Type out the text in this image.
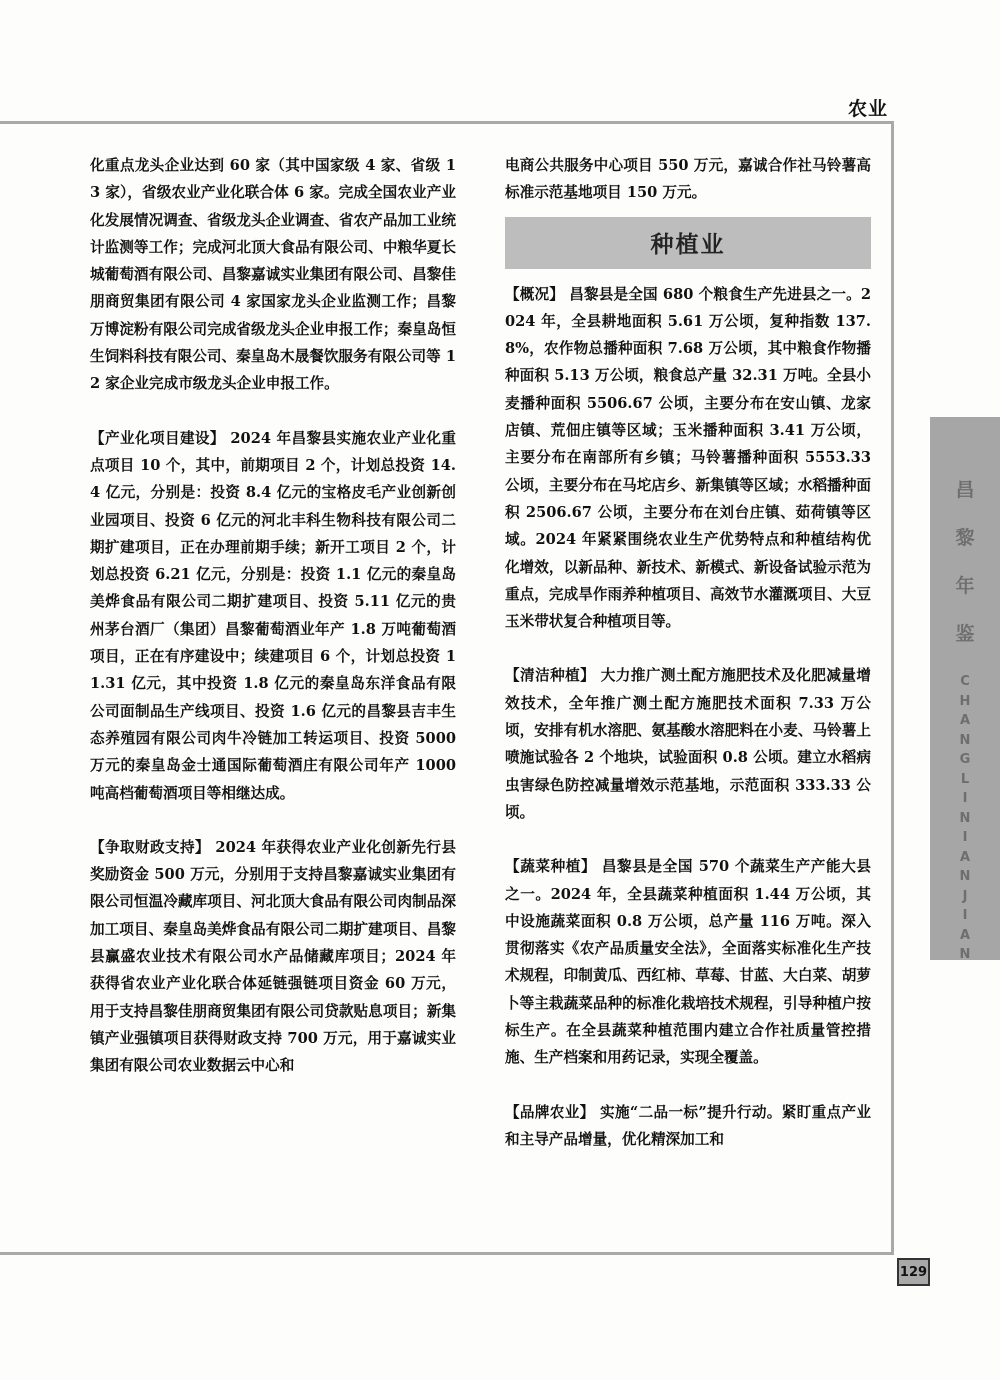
农业

化重点龙头企业达到 60 家（其中国家级 4 家、省级 13 家），省级农业产业化联合体 6 家。完成全国农业产业化发展情况调查、省级龙头企业调查、省农产品加工业统计监测等工作；完成河北顶大食品有限公司、中粮华夏长城葡萄酒有限公司、昌黎嘉诚实业集团有限公司、昌黎佳朋商贸集团有限公司 4 家国家龙头企业监测工作；昌黎万博淀粉有限公司完成省级龙头企业申报工作；秦皇岛恒生饲料科技有限公司、秦皇岛木晟餐饮服务有限公司等 12 家企业完成市级龙头企业申报工作。

【产业化项目建设】 2024 年昌黎县实施农业产业化重点项目 10 个，其中，前期项目 2 个，计划总投资 14.4 亿元，分别是：投资 8.4 亿元的宝格皮毛产业创新创业园项目、投资 6 亿元的河北丰科生物科技有限公司二期扩建项目，正在办理前期手续；新开工项目 2 个，计划总投资 6.21 亿元，分别是：投资 1.1 亿元的秦皇岛美烨食品有限公司二期扩建项目、投资 5.11 亿元的贵州茅台酒厂（集团）昌黎葡萄酒业年产 1.8 万吨葡萄酒项目，正在有序建设中；续建项目 6 个，计划总投资 11.31 亿元，其中投资 1.8 亿元的秦皇岛东洋食品有限公司面制品生产线项目、投资 1.6 亿元的昌黎县吉丰生态养殖园有限公司肉牛冷链加工转运项目、投资 5000 万元的秦皇岛金士通国际葡萄酒庄有限公司年产 1000 吨高档葡萄酒项目等相继达成。

【争取财政支持】 2024 年获得农业产业化创新先行县奖励资金 500 万元，分别用于支持昌黎嘉诚实业集团有限公司恒温冷藏库项目、河北顶大食品有限公司肉制品深加工项目、秦皇岛美烨食品有限公司二期扩建项目、昌黎县赢盛农业技术有限公司水产品储藏库项目；2024 年获得省农业产业化联合体延链强链项目资金 60 万元，用于支持昌黎佳朋商贸集团有限公司贷款贴息项目；新集镇产业强镇项目获得财政支持 700 万元，用于嘉诚实业集团有限公司农业数据云中心和

电商公共服务中心项目 550 万元，嘉诚合作社马铃薯高标准示范基地项目 150 万元。

种植业

【概况】 昌黎县是全国 680 个粮食生产先进县之一。2024 年，全县耕地面积 5.61 万公顷，复种指数 137.8%，农作物总播种面积 7.68 万公顷，其中粮食作物播种面积 5.13 万公顷，粮食总产量 32.31 万吨。全县小麦播种面积 5506.67 公顷，主要分布在安山镇、龙家店镇、荒佃庄镇等区域；玉米播种面积 3.41 万公顷，主要分布在南部所有乡镇；马铃薯播种面积 5553.33 公顷，主要分布在马坨店乡、新集镇等区域；水稻播种面积 2506.67 公顷，主要分布在刘台庄镇、茹荷镇等区域。2024 年紧紧围绕农业生产优势特点和种植结构优化增效，以新品种、新技术、新模式、新设备试验示范为重点，完成旱作雨养种植项目、高效节水灌溉项目、大豆玉米带状复合种植项目等。

【清洁种植】 大力推广测土配方施肥技术及化肥减量增效技术，全年推广测土配方施肥技术面积 7.33 万公顷，安排有机水溶肥、氨基酸水溶肥料在小麦、马铃薯上喷施试验各 2 个地块，试验面积 0.8 公顷。建立水稻病虫害绿色防控减量增效示范基地，示范面积 333.33 公顷。

【蔬菜种植】 昌黎县是全国 570 个蔬菜生产产能大县之一。2024 年，全县蔬菜种植面积 1.44 万公顷，其中设施蔬菜面积 0.8 万公顷，总产量 116 万吨。深入贯彻落实《农产品质量安全法》，全面落实标准化生产技术规程，印制黄瓜、西红柿、草莓、甘蓝、大白菜、胡萝卜等主栽蔬菜品种的标准化栽培技术规程，引导种植户按标生产。在全县蔬菜种植范围内建立合作社质量管控措施、生产档案和用药记录，实现全覆盖。

【品牌农业】 实施“二品一标”提升行动。紧盯重点产业和主导产品增量，优化精深加工和

昌
黎
年
鉴
C
H
A
N
G
L
I
N
I
A
N
J
I
A
N
129
